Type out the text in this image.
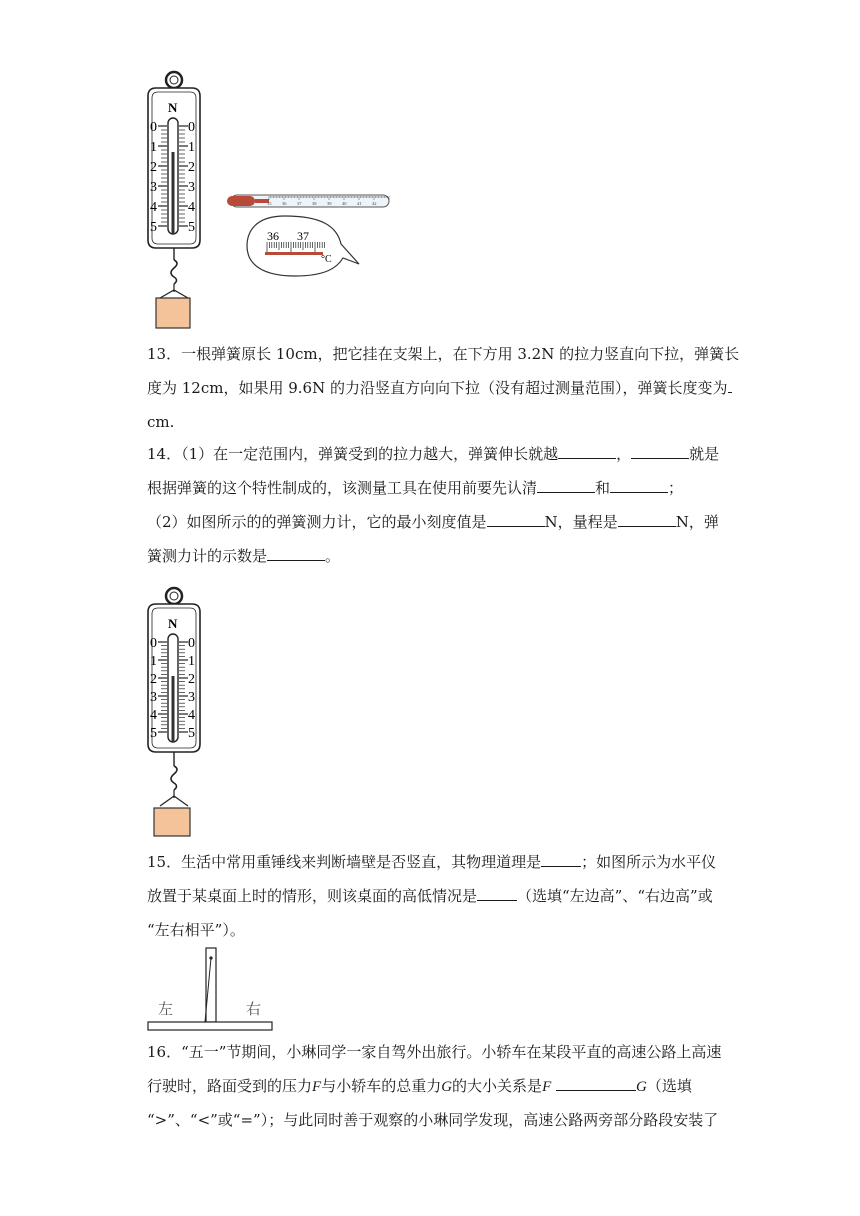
N
0
1
2
3
4
5
0
1
2
3
4
5
35 36 37 38 39 40 41 42
36 37
°C
13．一根弹簧原长 10cm，把它挂在支架上，在下方用 3.2N 的拉力竖直向下拉，弹簧长
度为 12cm，如果用 9.6N 的力沿竖直方向向下拉（没有超过测量范围），弹簧长度变为
cm.
14．（1）在一定范围内，弹簧受到的拉力越大，弹簧伸长就越	，	就是
根据弹簧的这个特性制成的，该测量工具在使用前要先认清	和	；
（2）如图所示的的弹簧测力计，它的最小刻度值是	N，量程是	N，弹
簧测力计的示数是	。
N
0
1
2
3
4
5
0
1
2
3
4
5
15．生活中常用重锤线来判断墙壁是否竖直，其物理道理是	；如图所示为水平仪
放置于某桌面上时的情形，则该桌面的高低情况是	（选填“左边高”、“右边高”或
“左右相平”）。
左	右
16．“五一”节期间，小琳同学一家自驾外出旅行。小轿车在某段平直的高速公路上高速
行驶时，路面受到的压力F与小轿车的总重力G的大小关系是F	G（选填
“>”、“<”或“=”）；与此同时善于观察的小琳同学发现，高速公路两旁部分路段安装了
